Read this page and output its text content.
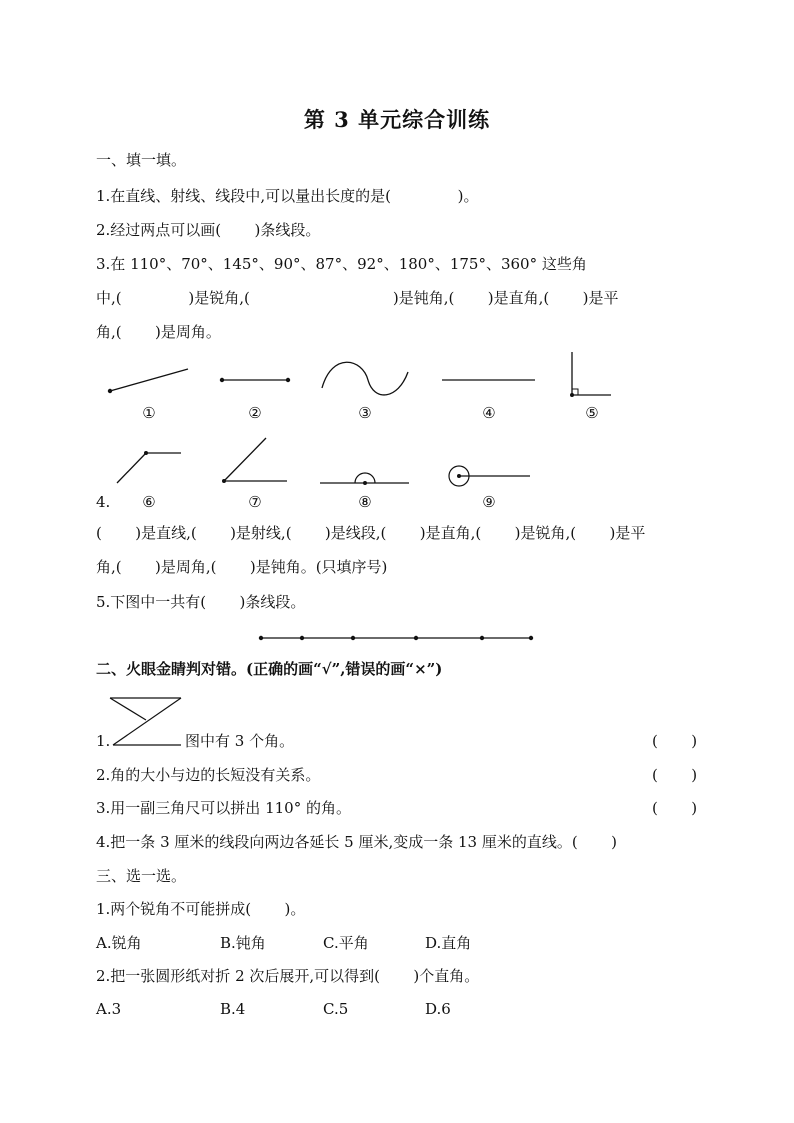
第 3 单元综合训练
一、填一填。
1.在直线、射线、线段中,可以量出长度的是(              )。
2.经过两点可以画(       )条线段。
3.在 110°、70°、145°、90°、87°、92°、180°、175°、360° 这些角
中,(              )是锐角,(                              )是钝角,(       )是直角,(       )是平
角,(       )是周角。
①	②	③	④	⑤
4.	⑥	⑦	⑧	⑨
(       )是直线,(       )是射线,(       )是线段,(       )是直角,(       )是锐角,(       )是平
角,(       )是周角,(       )是钝角。(只填序号)
5.下图中一共有(       )条线段。
二、火眼金睛判对错。(正确的画“√”,错误的画“×”)
1.	图中有 3 个角。	(       )
2.角的大小与边的长短没有关系。	(       )
3.用一副三角尺可以拼出 110° 的角。	(       )
4.把一条 3 厘米的线段向两边各延长 5 厘米,变成一条 13 厘米的直线。(       )
三、选一选。
1.两个锐角不可能拼成(       )。
A.锐角	B.钝角	C.平角	D.直角
2.把一张圆形纸对折 2 次后展开,可以得到(       )个直角。
A.3	B.4	C.5	D.6
